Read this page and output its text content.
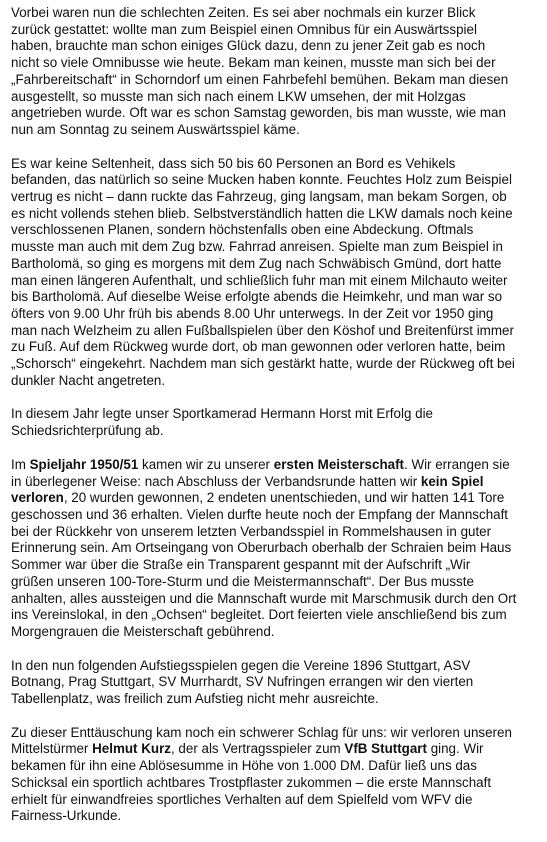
Vorbei waren nun die schlechten Zeiten. Es sei aber nochmals ein kurzer Blick
zurück gestattet: wollte man zum Beispiel einen Omnibus für ein Auswärtsspiel
haben, brauchte man schon einiges Glück dazu, denn zu jener Zeit gab es noch
nicht so viele Omnibusse wie heute. Bekam man keinen, musste man sich bei der
„Fahrbereitschaft“ in Schorndorf um einen Fahrbefehl bemühen. Bekam man diesen
ausgestellt, so musste man sich nach einem LKW umsehen, der mit Holzgas
angetrieben wurde. Oft war es schon Samstag geworden, bis man wusste, wie man
nun am Sonntag zu seinem Auswärtsspiel käme.

Es war keine Seltenheit, dass sich 50 bis 60 Personen an Bord es Vehikels
befanden, das natürlich so seine Mucken haben konnte. Feuchtes Holz zum Beispiel
vertrug es nicht – dann ruckte das Fahrzeug, ging langsam, man bekam Sorgen, ob
es nicht vollends stehen blieb. Selbstverständlich hatten die LKW damals noch keine
verschlossenen Planen, sondern höchstenfalls oben eine Abdeckung. Oftmals
musste man auch mit dem Zug bzw. Fahrrad anreisen. Spielte man zum Beispiel in
Bartholomä, so ging es morgens mit dem Zug nach Schwäbisch Gmünd, dort hatte
man einen längeren Aufenthalt, und schließlich fuhr man mit einem Milchauto weiter
bis Bartholomä. Auf dieselbe Weise erfolgte abends die Heimkehr, und man war so
öfters von 9.00 Uhr früh bis abends 8.00 Uhr unterwegs. In der Zeit vor 1950 ging
man nach Welzheim zu allen Fußballspielen über den Köshof und Breitenfürst immer
zu Fuß. Auf dem Rückweg wurde dort, ob man gewonnen oder verloren hatte, beim
„Schorsch“ eingekehrt. Nachdem man sich gestärkt hatte, wurde der Rückweg oft bei
dunkler Nacht angetreten.

In diesem Jahr legte unser Sportkamerad Hermann Horst mit Erfolg die
Schiedsrichterprüfung ab.

Im Spieljahr 1950/51 kamen wir zu unserer ersten Meisterschaft. Wir errangen sie
in überlegener Weise: nach Abschluss der Verbandsrunde hatten wir kein Spiel
verloren, 20 wurden gewonnen, 2 endeten unentschieden, und wir hatten 141 Tore
geschossen und 36 erhalten. Vielen durfte heute noch der Empfang der Mannschaft
bei der Rückkehr von unserem letzten Verbandsspiel in Rommelshausen in guter
Erinnerung sein. Am Ortseingang von Oberurbach oberhalb der Schraien beim Haus
Sommer war über die Straße ein Transparent gespannt mit der Aufschrift „Wir
grüßen unseren 100-Tore-Sturm und die Meistermannschaft“. Der Bus musste
anhalten, alles aussteigen und die Mannschaft wurde mit Marschmusik durch den Ort
ins Vereinslokal, in den „Ochsen“ begleitet. Dort feierten viele anschließend bis zum
Morgengrauen die Meisterschaft gebührend.

In den nun folgenden Aufstiegsspielen gegen die Vereine 1896 Stuttgart, ASV
Botnang, Prag Stuttgart, SV Murrhardt, SV Nufringen errangen wir den vierten
Tabellenplatz, was freilich zum Aufstieg nicht mehr ausreichte.

Zu dieser Enttäuschung kam noch ein schwerer Schlag für uns: wir verloren unseren
Mittelstürmer Helmut Kurz, der als Vertragsspieler zum VfB Stuttgart ging. Wir
bekamen für ihn eine Ablösesumme in Höhe von 1.000 DM. Dafür ließ uns das
Schicksal ein sportlich achtbares Trostpflaster zukommen – die erste Mannschaft
erhielt für einwandfreies sportliches Verhalten auf dem Spielfeld vom WFV die
Fairness-Urkunde.
